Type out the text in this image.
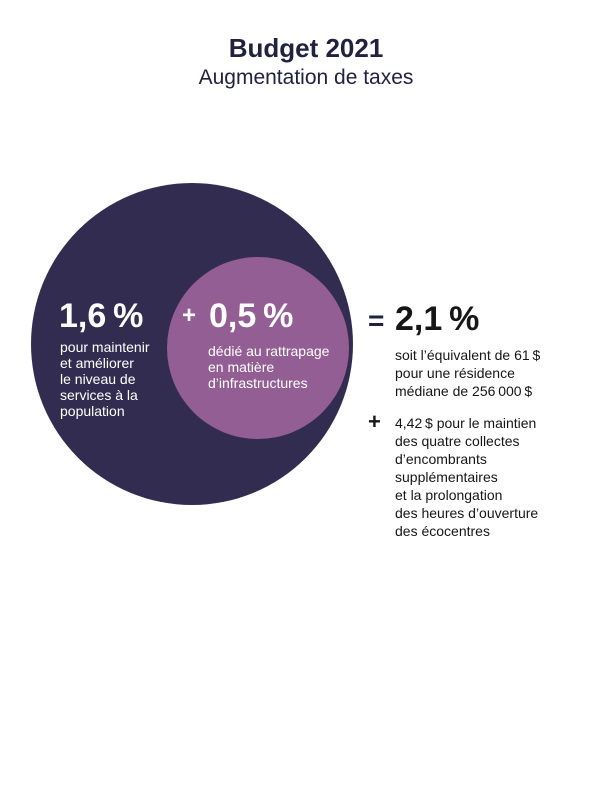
Budget 2021
Augmentation de taxes
1,6 %
pour maintenir
et améliorer
le niveau de
services à la
population
+ 0,5 %
dédié au rattrapage
en matière
d’infrastructures
= 2,1 %
soit l’équivalent de 61 $
pour une résidence
médiane de 256 000 $
+ 4,42 $ pour le maintien
des quatre collectes
d’encombrants
supplémentaires
et la prolongation
des heures d’ouverture
des écocentres
